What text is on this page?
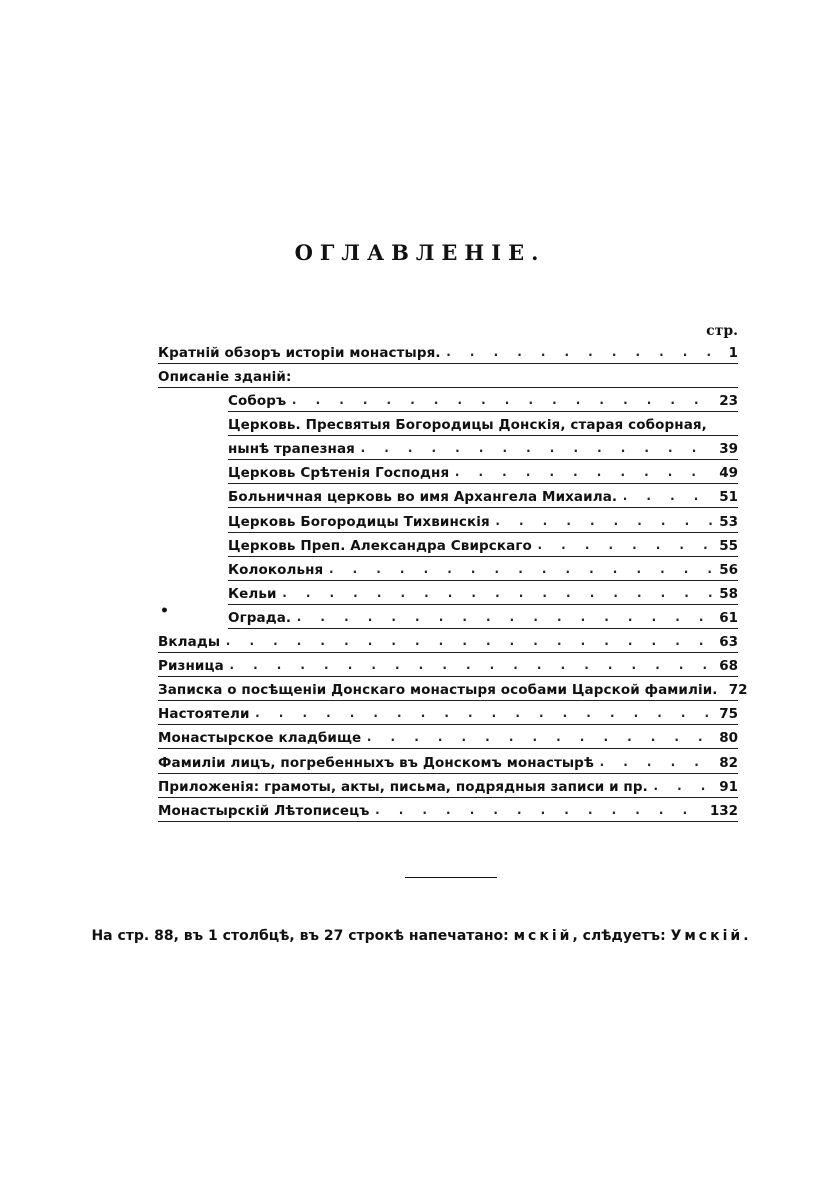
ОГЛАВЛЕНІЕ.
стр.
Кратній обзоръ исторіи монастыря. . . .	1
Описаніе зданій:
Соборъ . . .	23
Церковь. Пресвятыя Богородицы Донскія, старая соборная,
нынѣ трапезная . . .	39
Церковь Срѣтенія Господня . . .	49
Больничная церковь во имя Архангела Михаила. . . .	51
Церковь Богородицы Тихвинскія . . .	53
Церковь Преп. Александра Свирскаго . . .	55
Колокольня . . .	56
Кельи . . .	58
Ограда. . . .	61
Вклады . . .	63
Ризница . . .	68
Записка о посѣщеніи Донскаго монастыря особами Царской фамиліи. 72
Настоятели . . .	75
Монастырское кладбище . . .	80
Фамиліи лицъ, погребенныхъ въ Донскомъ монастырѣ . . .	82
Приложенія: грамоты, акты, письма, подрядныя записи и пр. . . .	91
Монастырскій Лѣтописецъ . . .	132
На стр. 88, въ 1 столбцѣ, въ 27 строкѣ напечатано: мскій, слѣдуетъ: Умскій.
•
